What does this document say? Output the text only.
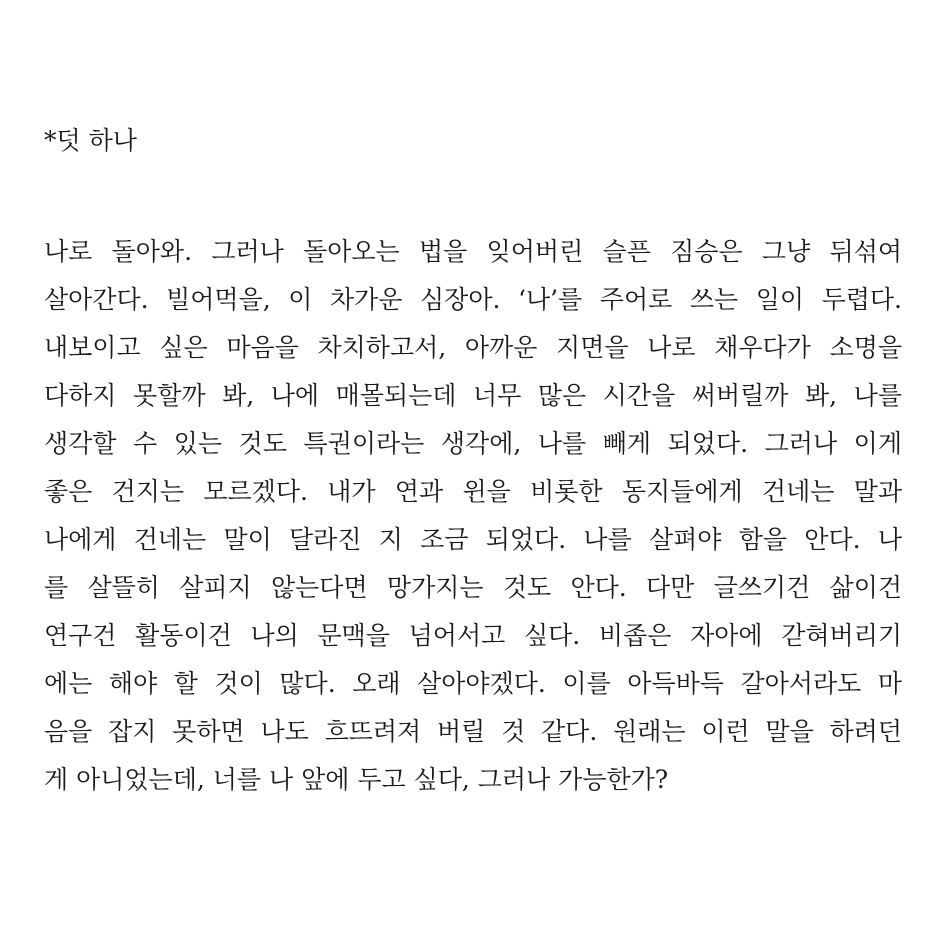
*덧 하나
나로 돌아와. 그러나 돌아오는 법을 잊어버린 슬픈 짐승은 그냥 뒤섞여
살아간다. 빌어먹을, 이 차가운 심장아. ‘나’를 주어로 쓰는 일이 두렵다.
내보이고 싶은 마음을 차치하고서, 아까운 지면을 나로 채우다가 소명을
다하지 못할까 봐, 나에 매몰되는데 너무 많은 시간을 써버릴까 봐, 나를
생각할 수 있는 것도 특권이라는 생각에, 나를 빼게 되었다. 그러나 이게
좋은 건지는 모르겠다. 내가 연과 윈을 비롯한 동지들에게 건네는 말과
나에게 건네는 말이 달라진 지 조금 되었다. 나를 살펴야 함을 안다. 나
를 살뜰히 살피지 않는다면 망가지는 것도 안다. 다만 글쓰기건 삶이건
연구건 활동이건 나의 문맥을 넘어서고 싶다. 비좁은 자아에 갇혀버리기
에는 해야 할 것이 많다. 오래 살아야겠다. 이를 아득바득 갈아서라도 마
음을 잡지 못하면 나도 흐뜨려져 버릴 것 같다. 원래는 이런 말을 하려던
게 아니었는데, 너를 나 앞에 두고 싶다, 그러나 가능한가?
